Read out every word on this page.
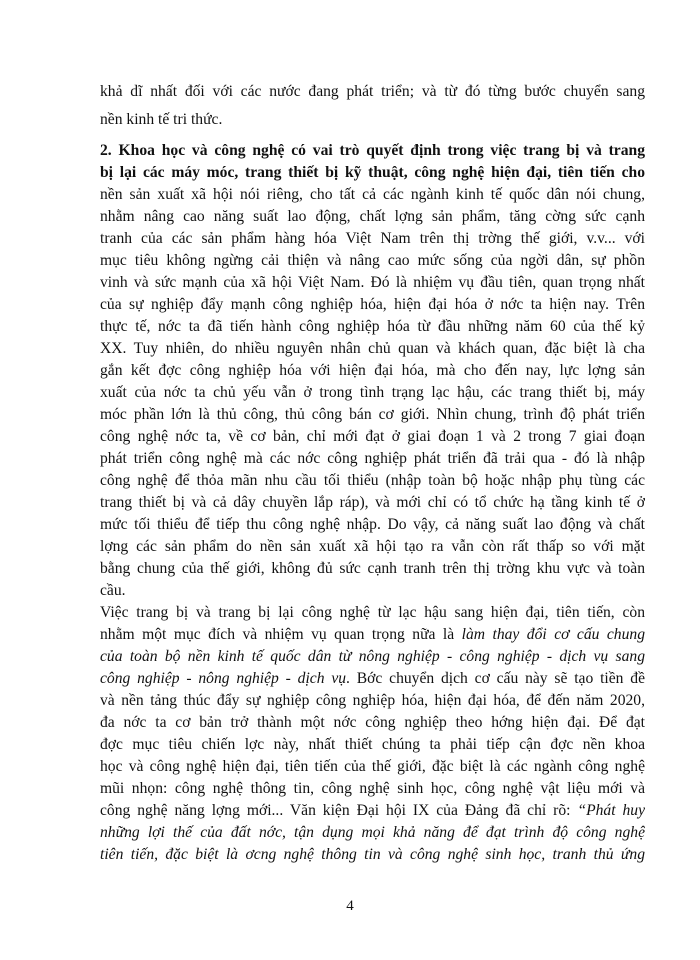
khả dĩ nhất đối với các nước đang phát triển; và từ đó từng bước chuyển sang
nền kinh tế tri thức.
2. Khoa học và công nghệ có vai trò quyết định trong việc trang bị và trang
bị lại các máy móc, trang thiết bị kỹ thuật, công nghệ hiện đại, tiên tiến cho
nền sản xuất xã hội nói riêng, cho tất cả các ngành kinh tế quốc dân nói chung,
nhằm nâng cao năng suất lao động, chất lợng sản phẩm, tăng cờng sức cạnh
tranh của các sản phẩm hàng hóa Việt Nam trên thị trờng thế giới, v.v... với
mục tiêu không ngừng cải thiện và nâng cao mức sống của ngời dân, sự phồn
vinh và sức mạnh của xã hội Việt Nam. Đó là nhiệm vụ đầu tiên, quan trọng nhất
của sự nghiệp đẩy mạnh công nghiệp hóa, hiện đại hóa ở nớc ta hiện nay. Trên
thực tế, nớc ta đã tiến hành công nghiệp hóa từ đầu những năm 60 của thế kỷ
XX. Tuy nhiên, do nhiều nguyên nhân chủ quan và khách quan, đặc biệt là cha
gắn kết đợc công nghiệp hóa với hiện đại hóa, mà cho đến nay, lực lợng sản
xuất của nớc ta chủ yếu vẫn ở trong tình trạng lạc hậu, các trang thiết bị, máy
móc phần lớn là thủ công, thủ công bán cơ giới. Nhìn chung, trình độ phát triển
công nghệ nớc ta, về cơ bản, chỉ mới đạt ở giai đoạn 1 và 2 trong 7 giai đoạn
phát triển công nghệ mà các nớc công nghiệp phát triển đã trải qua - đó là nhập
công nghệ để thỏa mãn nhu cầu tối thiểu (nhập toàn bộ hoặc nhập phụ tùng các
trang thiết bị và cả dây chuyền lắp ráp), và mới chỉ có tổ chức hạ tầng kinh tế ở
mức tối thiểu để tiếp thu công nghệ nhập. Do vậy, cả năng suất lao động và chất
lợng các sản phẩm do nền sản xuất xã hội tạo ra vẫn còn rất thấp so với mặt
bằng chung của thế giới, không đủ sức cạnh tranh trên thị trờng khu vực và toàn
cầu.
Việc trang bị và trang bị lại công nghệ từ lạc hậu sang hiện đại, tiên tiến, còn
nhằm một mục đích và nhiệm vụ quan trọng nữa là làm thay đổi cơ cấu chung
của toàn bộ nền kinh tế quốc dân từ nông nghiệp - công nghiệp - dịch vụ sang
công nghiệp - nông nghiệp - dịch vụ. Bớc chuyển dịch cơ cấu này sẽ tạo tiền đề
và nền tảng thúc đẩy sự nghiệp công nghiệp hóa, hiện đại hóa, để đến năm 2020,
đa nớc ta cơ bản trở thành một nớc công nghiệp theo hớng hiện đại. Để đạt
đợc mục tiêu chiến lợc này, nhất thiết chúng ta phải tiếp cận đợc nền khoa
học và công nghệ hiện đại, tiên tiến của thế giới, đặc biệt là các ngành công nghệ
mũi nhọn: công nghệ thông tin, công nghệ sinh học, công nghệ vật liệu mới và
công nghệ năng lợng mới... Văn kiện Đại hội IX của Đảng đã chỉ rõ: “Phát huy
những lợi thế của đất nớc, tận dụng mọi khả năng để đạt trình độ công nghệ
tiên tiến, đặc biệt là ơcng nghệ thông tin và công nghệ sinh học, tranh thủ ứng
4
